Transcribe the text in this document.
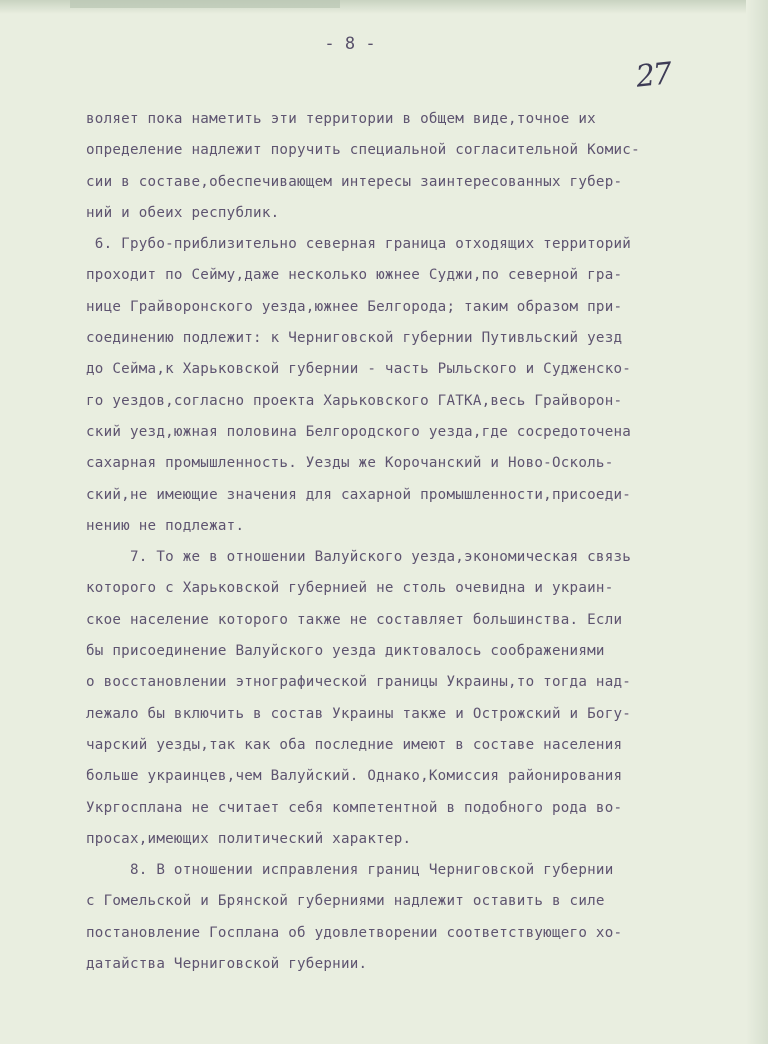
- 8 -
27
воляет пока наметить эти территории в общем виде,точное их
определение надлежит поручить специальной согласительной Комис-
сии в составе,обеспечивающем интересы заинтересованных губер-
ний и обеих республик.
6. Грубо-приблизительно северная граница отходящих территорий
проходит по Сейму,даже несколько южнее Суджи,по северной гра-
нице Грайворонского уезда,южнее Белгорода; таким образом при-
соединению подлежит: к Черниговской губернии Путивльский уезд
до Сейма,к Харьковской губернии - часть Рыльского и Судженско-
го уездов,согласно проекта Харьковского ГАТКА,весь Грайворон-
ский уезд,южная половина Белгородского уезда,где сосредоточена
сахарная промышленность. Уезды же Корочанский и Ново-Осколь-
ский,не имеющие значения для сахарной промышленности,присоеди-
нению не подлежат.
7. То же в отношении Валуйского уезда,экономическая связь
которого с Харьковской губернией не столь очевидна и украин-
ское население которого также не составляет большинства. Если
бы присоединение Валуйского уезда диктовалось соображениями
о восстановлении этнографической границы Украины,то тогда над-
лежало бы включить в состав Украины также и Острожский и Богу-
чарский уезды,так как оба последние имеют в составе населения
больше украинцев,чем Валуйский. Однако,Комиссия районирования
Укргосплана не считает себя компетентной в подобного рода во-
просах,имеющих политический характер.
8. В отношении исправления границ Черниговской губернии
с Гомельской и Брянской губерниями надлежит оставить в силе
постановление Госплана об удовлетворении соответствующего хо-
датайства Черниговской губернии.
